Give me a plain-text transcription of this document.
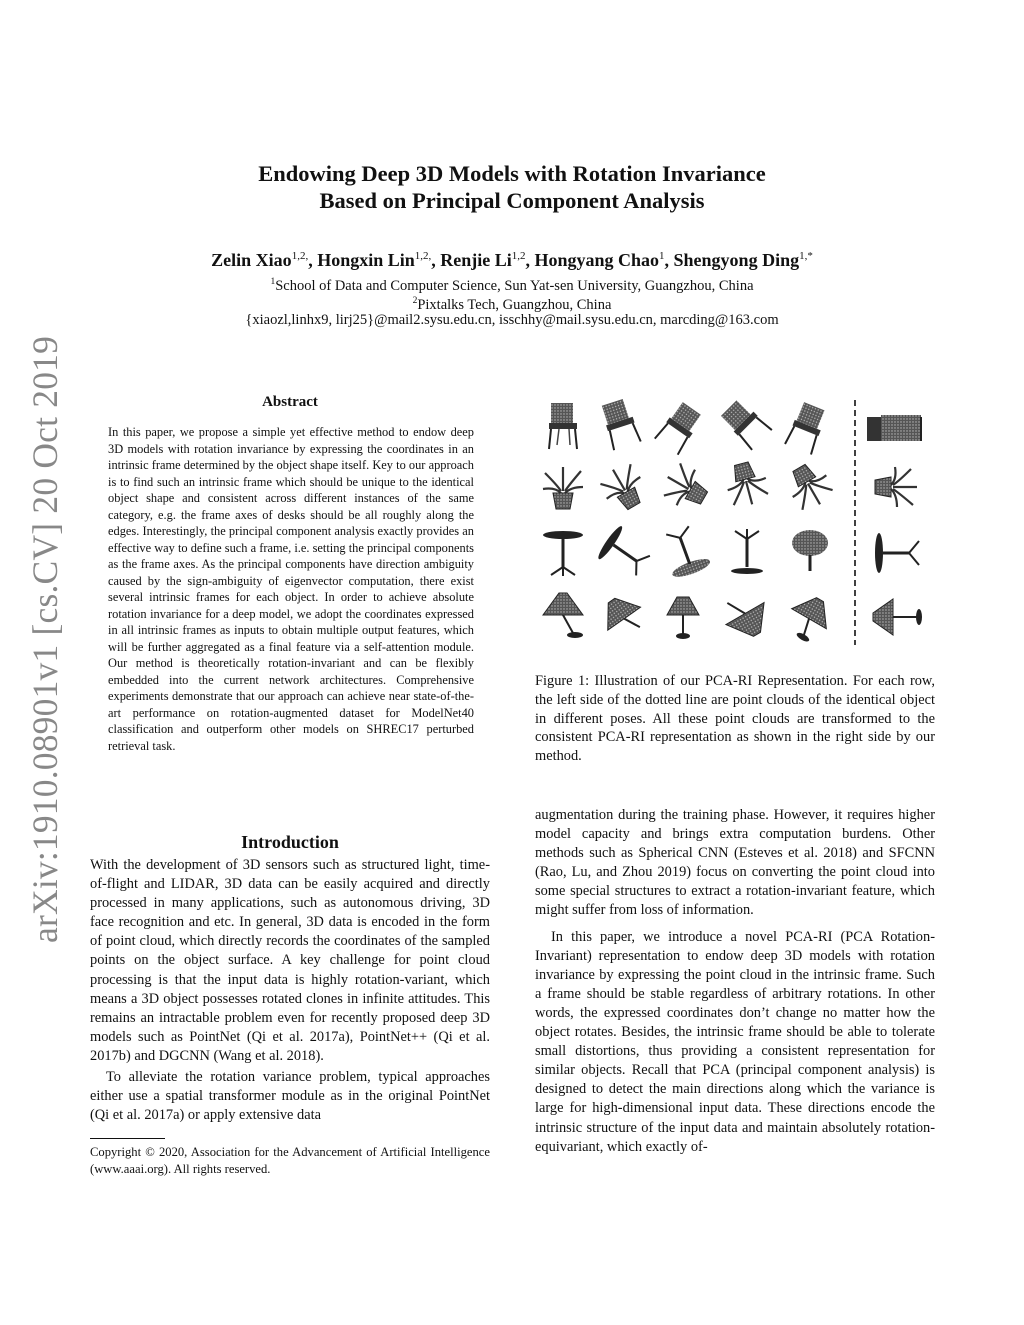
arXiv:1910.08901v1 [cs.CV] 20 Oct 2019
Endowing Deep 3D Models with Rotation Invariance
Based on Principal Component Analysis
Zelin Xiao$^{1,2,}$, Hongxin Lin$^{1,2,}$, Renjie Li$^{1,2}$, Hongyang Chao$^1$, Shengyong Ding$^{1,*}$
$^1$School of Data and Computer Science, Sun Yat-sen University, Guangzhou, China
$^2$Pixtalks Tech, Guangzhou, China
{xiaozl,linhx9, lirj25}@mail2.sysu.edu.cn, isschhy@mail.sysu.edu.cn, marcding@163.com
Abstract
In this paper, we propose a simple yet effective method to endow deep 3D models with rotation invariance by expressing the coordinates in an intrinsic frame determined by the object shape itself. Key to our approach is to find such an intrinsic frame which should be unique to the identical object shape and consistent across different instances of the same category, e.g. the frame axes of desks should be all roughly along the edges. Interestingly, the principal component analysis exactly provides an effective way to define such a frame, i.e. setting the principal components as the frame axes. As the principal components have direction ambiguity caused by the sign-ambiguity of eigenvector computation, there exist several intrinsic frames for each object. In order to achieve absolute rotation invariance for a deep model, we adopt the coordinates expressed in all intrinsic frames as inputs to obtain multiple output features, which will be further aggregated as a final feature via a self-attention module. Our method is theoretically rotation-invariant and can be flexibly embedded into the current network architectures. Comprehensive experiments demonstrate that our approach can achieve near state-of-the-art performance on rotation-augmented dataset for ModelNet40 classification and outperform other models on SHREC17 perturbed retrieval task.
Introduction

With the development of 3D sensors such as structured light, time-of-flight and LIDAR, 3D data can be easily acquired and directly processed in many applications, such as autonomous driving, 3D face recognition and etc. In general, 3D data is encoded in the form of point cloud, which directly records the coordinates of the sampled points on the object surface. A key challenge for point cloud processing is that the input data is highly rotation-variant, which means a 3D object possesses rotated clones in infinite attitudes. This remains an intractable problem even for recently proposed deep 3D models such as PointNet (Qi et al. 2017a), PointNet++ (Qi et al. 2017b) and DGCNN (Wang et al. 2018).

To alleviate the rotation variance problem, typical approaches either use a spatial transformer module as in the original PointNet (Qi et al. 2017a) or apply extensive data

Copyright © 2020, Association for the Advancement of Artificial Intelligence (www.aaai.org). All rights reserved.
Figure 1: Illustration of our PCA-RI Representation. For each row, the left side of the dotted line are point clouds of the identical object in different poses. All these point clouds are transformed to the consistent PCA-RI representation as shown in the right side by our method.

augmentation during the training phase. However, it requires higher model capacity and brings extra computation burdens. Other methods such as Spherical CNN (Esteves et al. 2018) and SFCNN (Rao, Lu, and Zhou 2019) focus on converting the point cloud into some special structures to extract a rotation-invariant feature, which might suffer from loss of information.

In this paper, we introduce a novel PCA-RI (PCA Rotation-Invariant) representation to endow deep 3D models with rotation invariance by expressing the point cloud in the intrinsic frame. Such a frame should be stable regardless of arbitrary rotations. In other words, the expressed coordinates don’t change no matter how the object rotates. Besides, the intrinsic frame should be able to tolerate small distortions, thus providing a consistent representation for similar objects. Recall that PCA (principal component analysis) is designed to detect the main directions along which the variance is large for high-dimensional input data. These directions encode the intrinsic structure of the input data and maintain absolutely rotation-equivariant, which exactly of-
